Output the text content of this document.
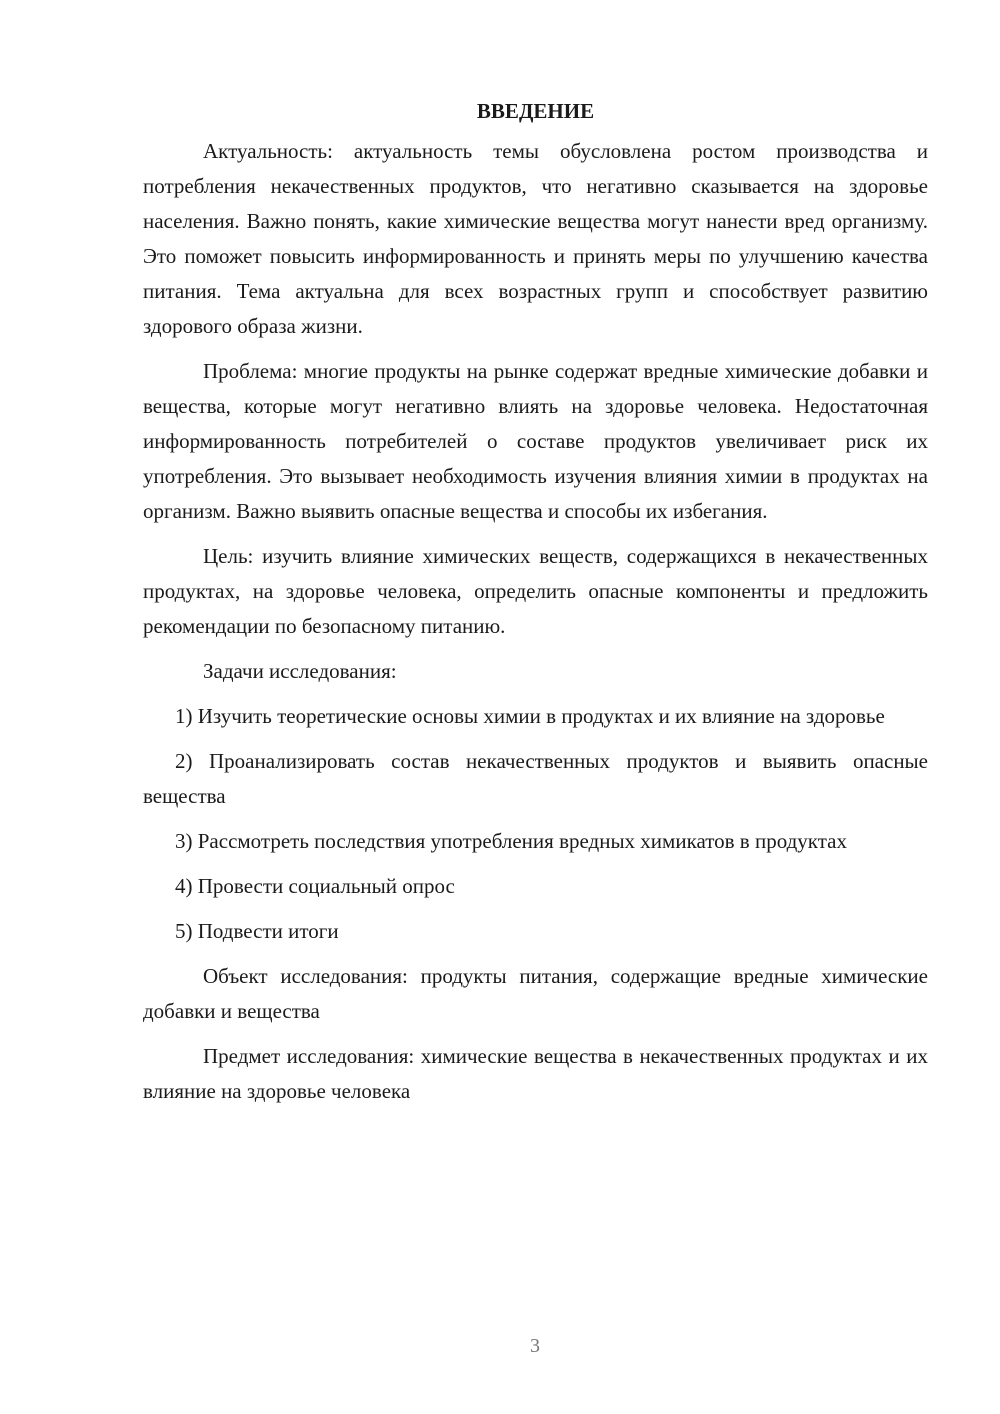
ВВЕДЕНИЕ

Актуальность: актуальность темы обусловлена ростом производства и потребления некачественных продуктов, что негативно сказывается на здоровье населения. Важно понять, какие химические вещества могут нанести вред организму. Это поможет повысить информированность и принять меры по улучшению качества питания. Тема актуальна для всех возрастных групп и способствует развитию здорового образа жизни.

Проблема: многие продукты на рынке содержат вредные химические добавки и вещества, которые могут негативно влиять на здоровье человека. Недостаточная информированность потребителей о составе продуктов увеличивает риск их употребления. Это вызывает необходимость изучения влияния химии в продуктах на организм. Важно выявить опасные вещества и способы их избегания.

Цель: изучить влияние химических веществ, содержащихся в некачественных продуктах, на здоровье человека, определить опасные компоненты и предложить рекомендации по безопасному питанию.

Задачи исследования:

1) Изучить теоретические основы химии в продуктах и их влияние на здоровье

2) Проанализировать состав некачественных продуктов и выявить опасные вещества

3) Рассмотреть последствия употребления вредных химикатов в продуктах

4) Провести социальный опрос

5) Подвести итоги

Объект исследования: продукты питания, содержащие вредные химические добавки и вещества

Предмет исследования: химические вещества в некачественных продуктах и их влияние на здоровье человека

3
